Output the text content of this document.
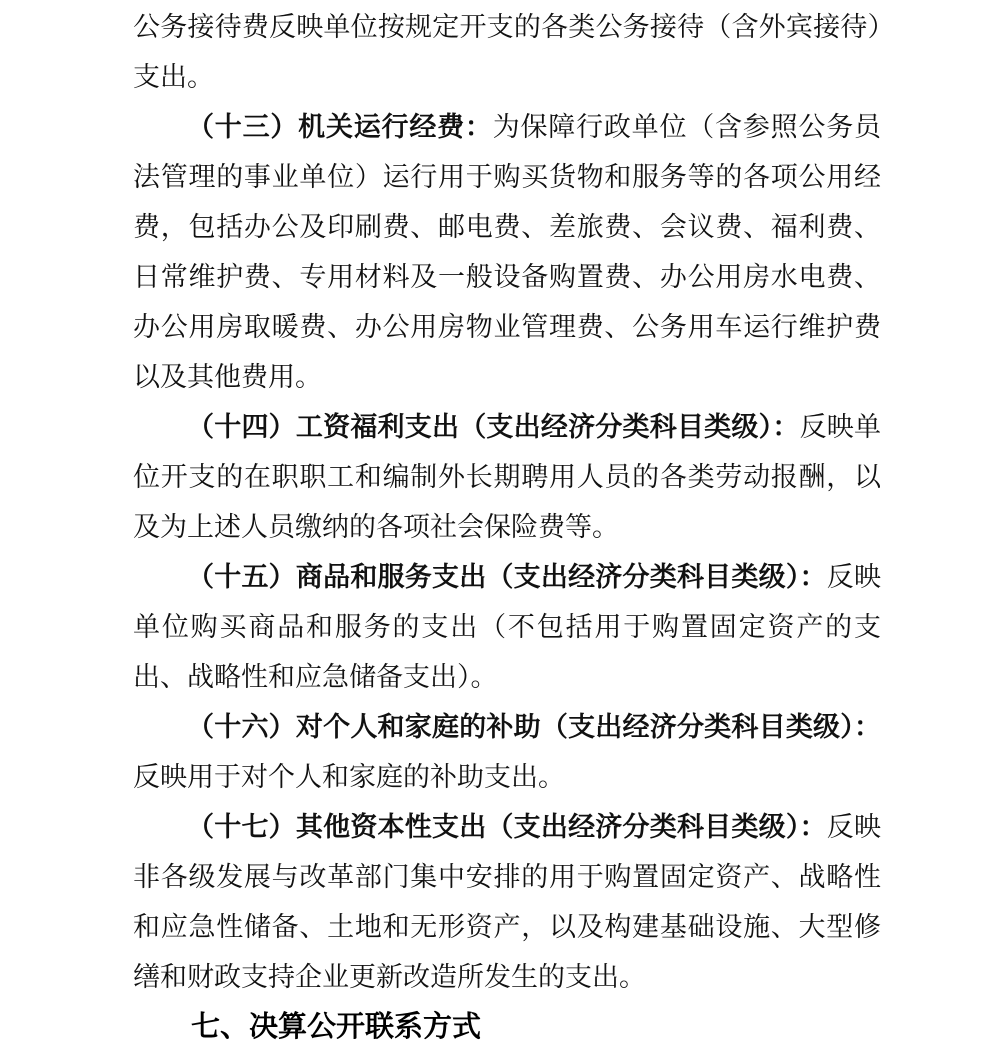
公务接待费反映单位按规定开支的各类公务接待（含外宾接待）支出。

（十三）机关运行经费：为保障行政单位（含参照公务员法管理的事业单位）运行用于购买货物和服务等的各项公用经费，包括办公及印刷费、邮电费、差旅费、会议费、福利费、日常维护费、专用材料及一般设备购置费、办公用房水电费、办公用房取暖费、办公用房物业管理费、公务用车运行维护费以及其他费用。

（十四）工资福利支出（支出经济分类科目类级）：反映单位开支的在职职工和编制外长期聘用人员的各类劳动报酬，以及为上述人员缴纳的各项社会保险费等。

（十五）商品和服务支出（支出经济分类科目类级）：反映单位购买商品和服务的支出（不包括用于购置固定资产的支出、战略性和应急储备支出）。

（十六）对个人和家庭的补助（支出经济分类科目类级）：反映用于对个人和家庭的补助支出。

（十七）其他资本性支出（支出经济分类科目类级）：反映非各级发展与改革部门集中安排的用于购置固定资产、战略性和应急性储备、土地和无形资产，以及构建基础设施、大型修缮和财政支持企业更新改造所发生的支出。

七、决算公开联系方式
